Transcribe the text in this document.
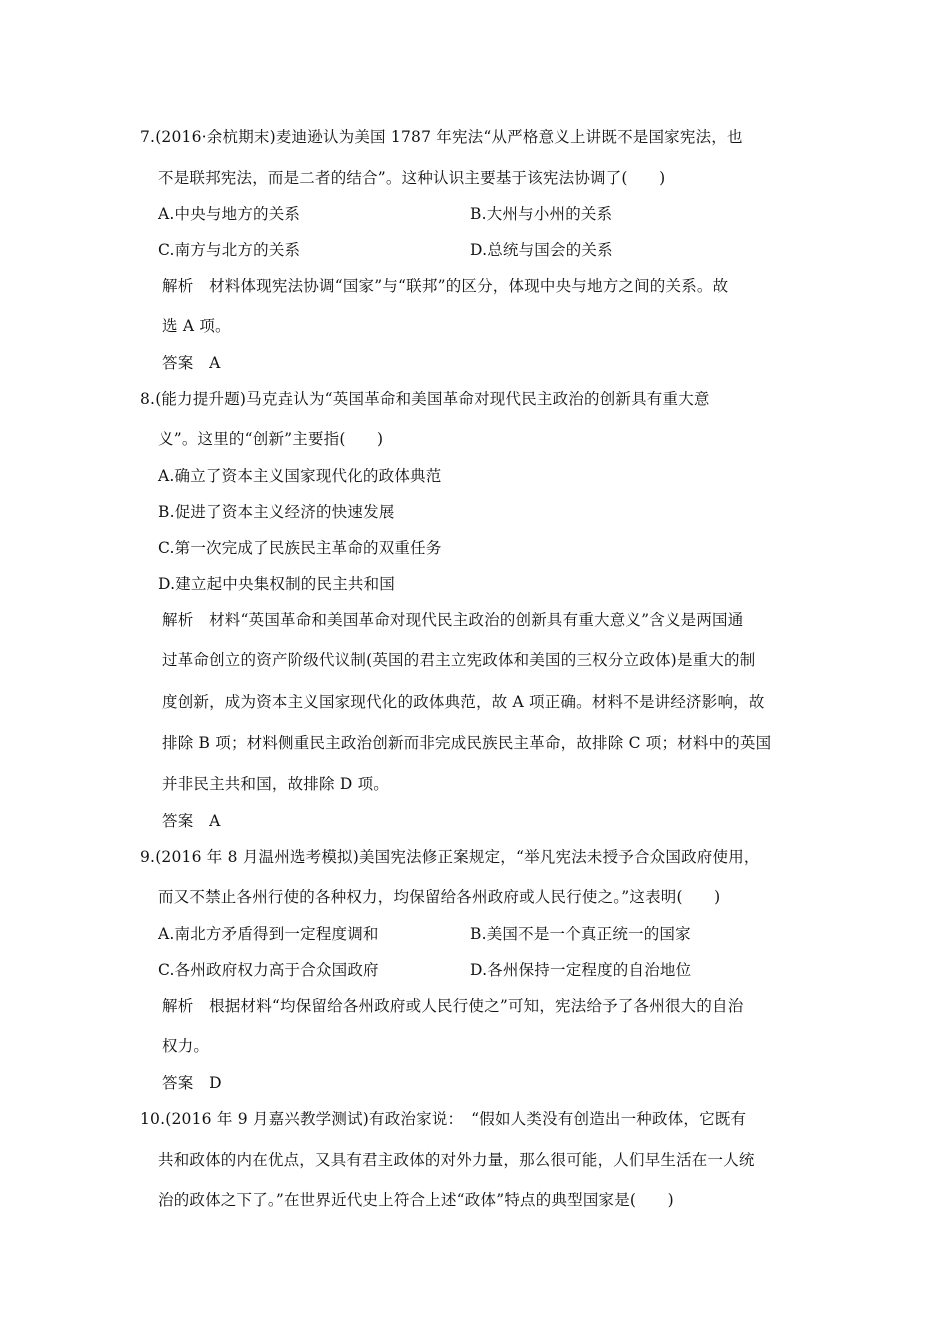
7.(2016·余杭期末)麦迪逊认为美国 1787 年宪法“从严格意义上讲既不是国家宪法，也
不是联邦宪法，而是二者的结合”。这种认识主要基于该宪法协调了(　　)
A.中央与地方的关系	B.大州与小州的关系
C.南方与北方的关系	D.总统与国会的关系
解析　材料体现宪法协调“国家”与“联邦”的区分，体现中央与地方之间的关系。故
选 A 项。
答案　A
8.(能力提升题)马克垚认为“英国革命和美国革命对现代民主政治的创新具有重大意
义”。这里的“创新”主要指(　　)
A.确立了资本主义国家现代化的政体典范
B.促进了资本主义经济的快速发展
C.第一次完成了民族民主革命的双重任务
D.建立起中央集权制的民主共和国
解析　材料“英国革命和美国革命对现代民主政治的创新具有重大意义”含义是两国通
过革命创立的资产阶级代议制(英国的君主立宪政体和美国的三权分立政体)是重大的制
度创新，成为资本主义国家现代化的政体典范，故 A 项正确。材料不是讲经济影响，故
排除 B 项；材料侧重民主政治创新而非完成民族民主革命，故排除 C 项；材料中的英国
并非民主共和国，故排除 D 项。
答案　A
9.(2016 年 8 月温州选考模拟)美国宪法修正案规定，“举凡宪法未授予合众国政府使用，
而又不禁止各州行使的各种权力，均保留给各州政府或人民行使之。”这表明(　　)
A.南北方矛盾得到一定程度调和	B.美国不是一个真正统一的国家
C.各州政府权力高于合众国政府	D.各州保持一定程度的自治地位
解析　根据材料“均保留给各州政府或人民行使之”可知，宪法给予了各州很大的自治
权力。
答案　D
10.(2016 年 9 月嘉兴教学测试)有政治家说：　“假如人类没有创造出一种政体，它既有
共和政体的内在优点，又具有君主政体的对外力量，那么很可能，人们早生活在一人统
治的政体之下了。”在世界近代史上符合上述“政体”特点的典型国家是(　　)
